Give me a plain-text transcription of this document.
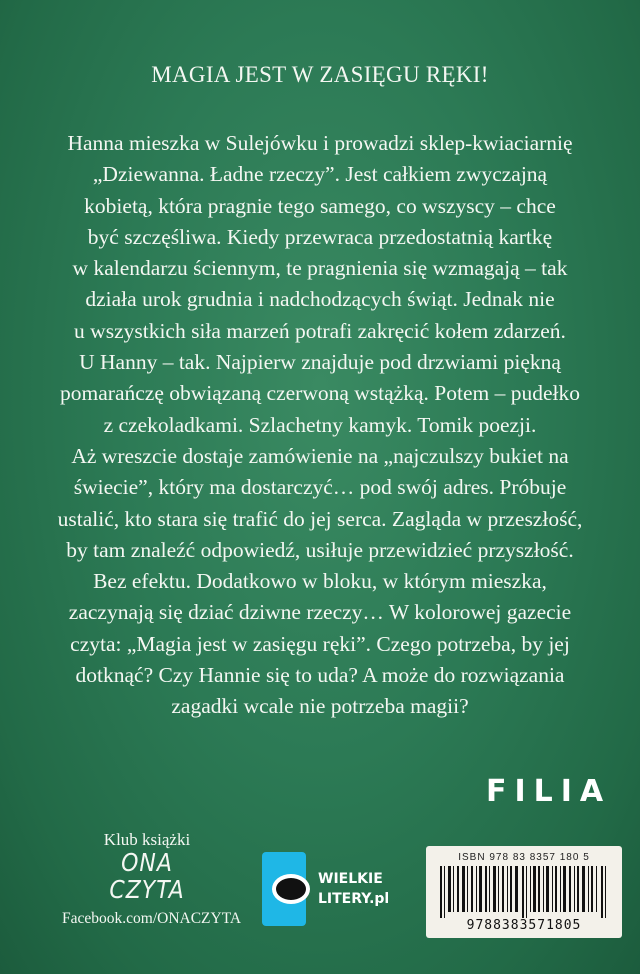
MAGIA JEST W ZASIĘGU RĘKI!
Hanna mieszka w Sulejówku i prowadzi sklep-kwiaciarnię
„Dziewanna. Ładne rzeczy”. Jest całkiem zwyczajną
kobietą, która pragnie tego samego, co wszyscy – chce
być szczęśliwa. Kiedy przewraca przedostatnią kartkę
w kalendarzu ściennym, te pragnienia się wzmagają – tak
działa urok grudnia i nadchodzących świąt. Jednak nie
u wszystkich siła marzeń potrafi zakręcić kołem zdarzeń.
U Hanny – tak. Najpierw znajduje pod drzwiami piękną
pomarańczę obwiązaną czerwoną wstążką. Potem – pudełko
z czekoladkami. Szlachetny kamyk. Tomik poezji.
Aż wreszcie dostaje zamówienie na „najczulszy bukiet na
świecie”, który ma dostarczyć… pod swój adres. Próbuje
ustalić, kto stara się trafić do jej serca. Zagląda w przeszłość,
by tam znaleźć odpowiedź, usiłuje przewidzieć przyszłość.
Bez efektu. Dodatkowo w bloku, w którym mieszka,
zaczynają się dziać dziwne rzeczy… W kolorowej gazecie
czyta: „Magia jest w zasięgu ręki”. Czego potrzeba, by jej
dotknąć? Czy Hannie się to uda? A może do rozwiązania
zagadki wcale nie potrzeba magii?
FILIA
Klub książki
ONA
CZYTA
Facebook.com/ONACZYTA
WIELKIE
LITERY.pl
ISBN 978 83 8357 180 5
9788383571805
